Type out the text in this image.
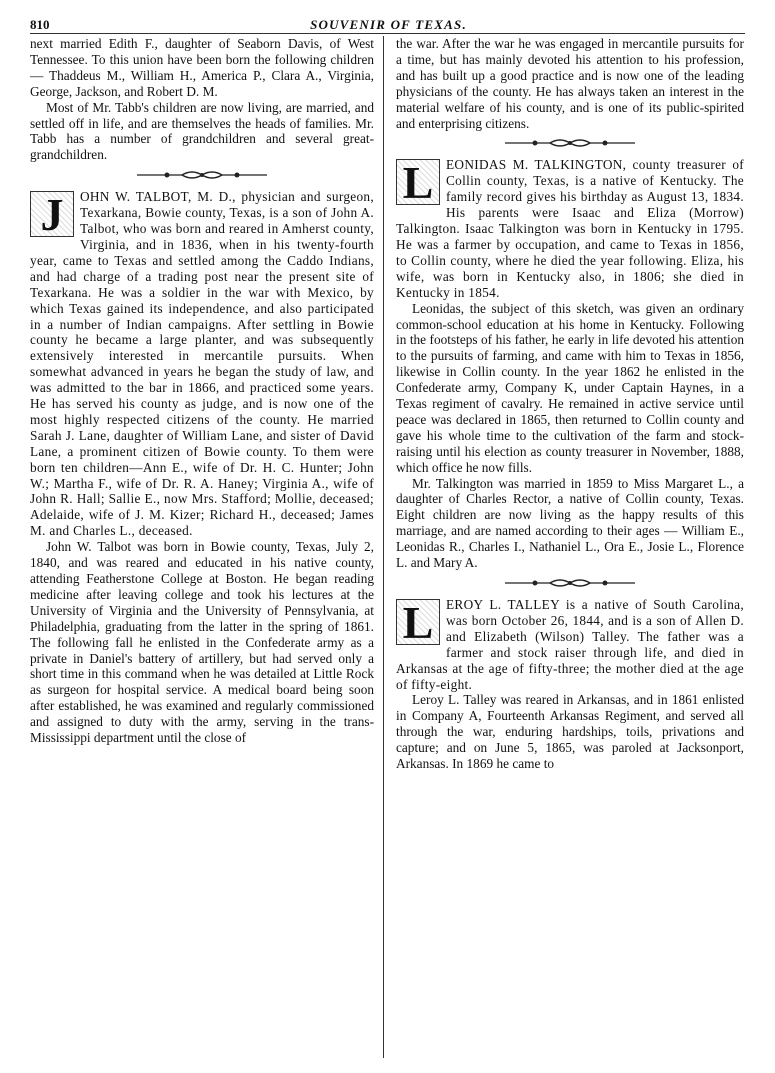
810	SOUVENIR OF TEXAS.

next married Edith F., daughter of Seaborn Davis, of West Tennessee. To this union have been born the following children — Thaddeus M., William H., America P., Clara A., Virginia, George, Jackson, and Robert D. M.

Most of Mr. Tabb's children are now living, are married, and settled off in life, and are themselves the heads of families. Mr. Tabb has a number of grandchildren and several great-grandchildren.

J	OHN W. TALBOT, M. D., physician and surgeon, Texarkana, Bowie county, Texas, is a son of John A. Talbot, who was born and reared in Amherst county, Virginia, and in 1836, when in his twenty-fourth year, came to Texas and settled among the Caddo Indians, and had charge of a trading post near the present site of Texarkana. He was a soldier in the war with Mexico, by which Texas gained its independence, and also participated in a number of Indian campaigns. After settling in Bowie county he became a large planter, and was subsequently extensively interested in mercantile pursuits. When somewhat advanced in years he began the study of law, and was admitted to the bar in 1866, and practiced some years. He has served his county as judge, and is now one of the most highly respected citizens of the county. He married Sarah J. Lane, daughter of William Lane, and sister of David Lane, a prominent citizen of Bowie county. To them were born ten children—Ann E., wife of Dr. H. C. Hunter; John W.; Martha F., wife of Dr. R. A. Haney; Virginia A., wife of John R. Hall; Sallie E., now Mrs. Stafford; Mollie, deceased; Adelaide, wife of J. M. Kizer; Richard H., deceased; James M. and Charles L., deceased.

John W. Talbot was born in Bowie county, Texas, July 2, 1840, and was reared and educated in his native county, attending Featherstone College at Boston. He began reading medicine after leaving college and took his lectures at the University of Virginia and the University of Pennsylvania, at Philadelphia, graduating from the latter in the spring of 1861. The following fall he enlisted in the Confederate army as a private in Daniel's battery of artillery, but had served only a short time in this command when he was detailed at Little Rock as surgeon for hospital service. A medical board being soon after established, he was examined and regularly commissioned and assigned to duty with the army, serving in the trans-Mississippi department until the close of

the war. After the war he was engaged in mercantile pursuits for a time, but has mainly devoted his attention to his profession, and has built up a good practice and is now one of the leading physicians of the county. He has always taken an interest in the material welfare of his county, and is one of its public-spirited and enterprising citizens.

L EONIDAS M. TALKINGTON, county treasurer of Collin county, Texas, is a native of Kentucky. The family record gives his birthday as August 13, 1834. His parents were Isaac and Eliza (Morrow) Talkington. Isaac Talkington was born in Kentucky in 1795. He was a farmer by occupation, and came to Texas in 1856, to Collin county, where he died the year following. Eliza, his wife, was born in Kentucky also, in 1806; she died in Kentucky in 1854.

Leonidas, the subject of this sketch, was given an ordinary common-school education at his home in Kentucky. Following in the footsteps of his father, he early in life devoted his attention to the pursuits of farming, and came with him to Texas in 1856, likewise in Collin county. In the year 1862 he enlisted in the Confederate army, Company K, under Captain Haynes, in a Texas regiment of cavalry. He remained in active service until peace was declared in 1865, then returned to Collin county and gave his whole time to the cultivation of the farm and stock-raising until his election as county treasurer in November, 1888, which office he now fills.

Mr. Talkington was married in 1859 to Miss Margaret L., a daughter of Charles Rector, a native of Collin county, Texas. Eight children are now living as the happy results of this marriage, and are named according to their ages — William E., Leonidas R., Charles I., Nathaniel L., Ora E., Josie L., Florence L. and Mary A.

L EROY L. TALLEY is a native of South Carolina, was born October 26, 1844, and is a son of Allen D. and Elizabeth (Wilson) Talley. The father was a farmer and stock raiser through life, and died in Arkansas at the age of fifty-three; the mother died at the age of fifty-eight.

Leroy L. Talley was reared in Arkansas, and in 1861 enlisted in Company A, Fourteenth Arkansas Regiment, and served all through the war, enduring hardships, toils, privations and capture; and on June 5, 1865, was paroled at Jacksonport, Arkansas. In 1869 he came to
